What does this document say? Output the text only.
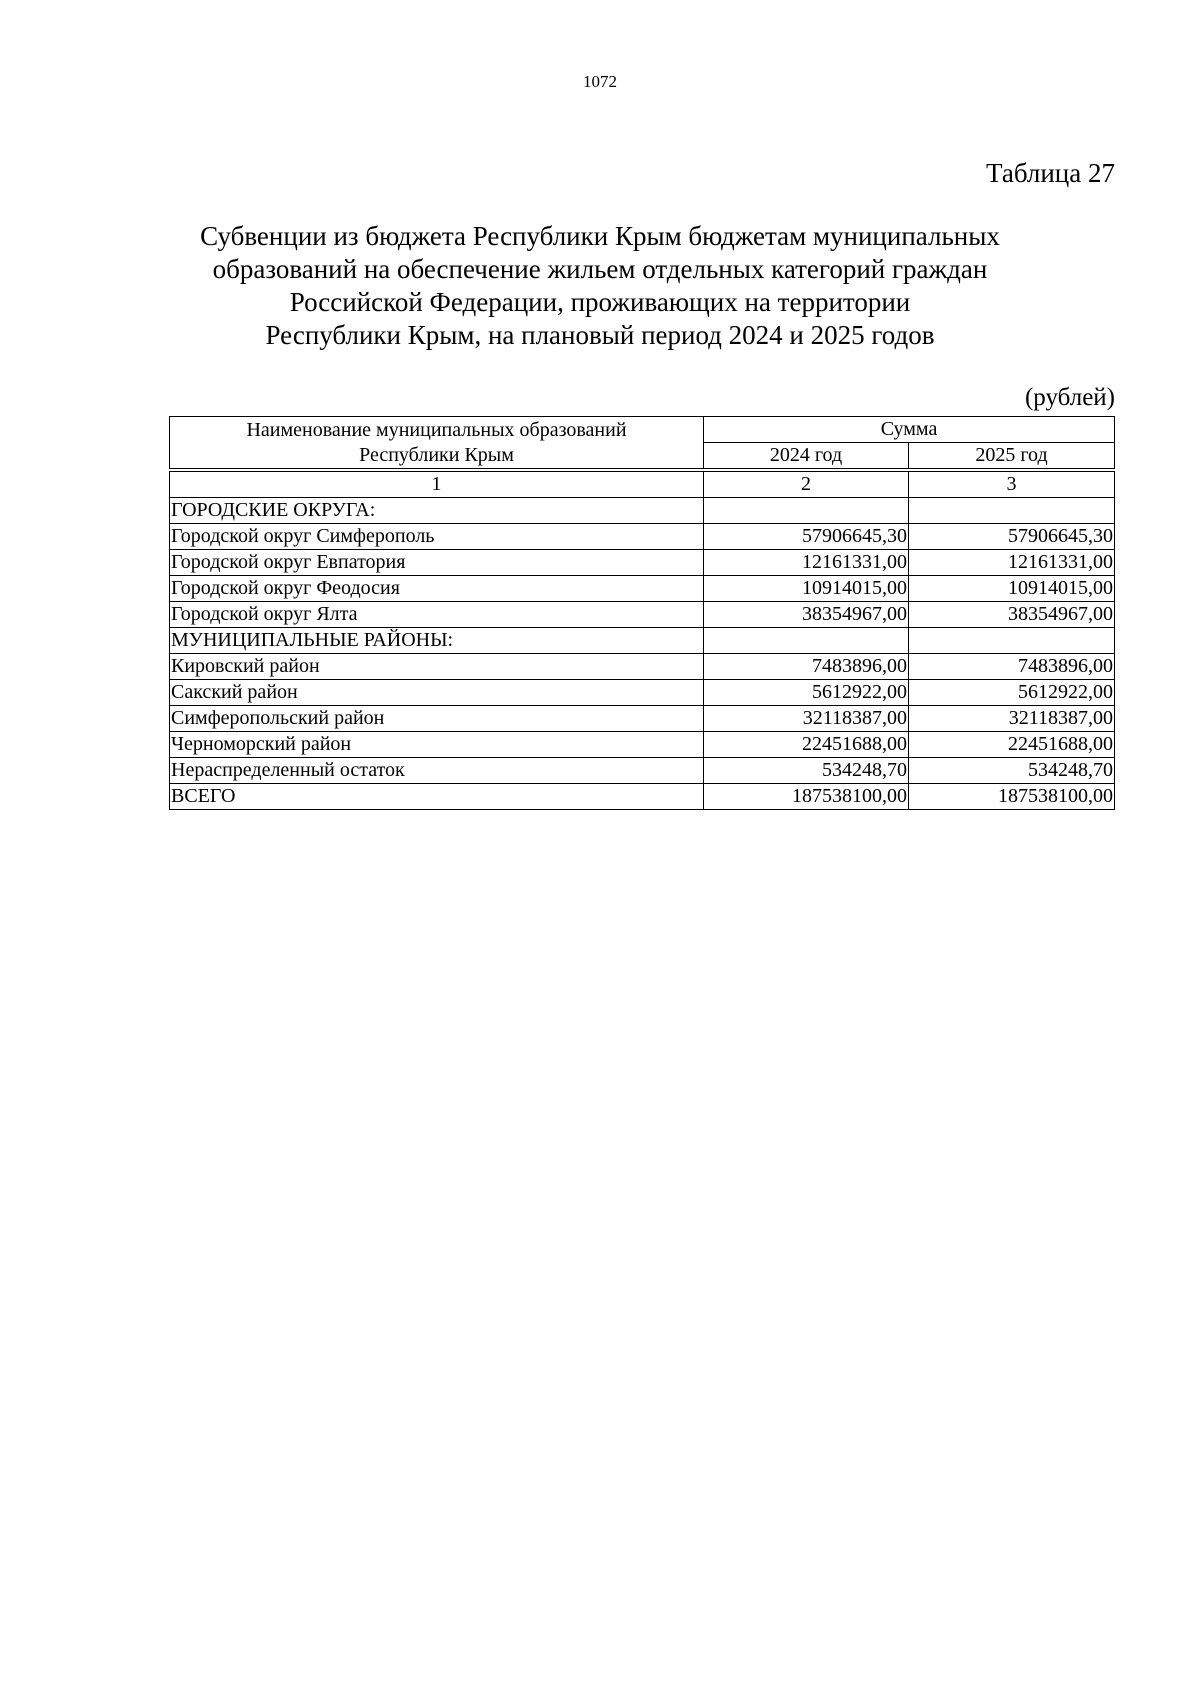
1072
Таблица 27
Субвенции из бюджета Республики Крым бюджетам муниципальных
образований на обеспечение жильем отдельных категорий граждан
Российской Федерации, проживающих на территории
Республики Крым, на плановый период 2024 и 2025 годов
(рублей)
Наименование муниципальных образований
Республики Крым	Сумма	
	2024 год	2025 год

1	2	3
ГОРОДСКИЕ ОКРУГА:		
Городской округ Симферополь	57906645,30	57906645,30
Городской округ Евпатория	12161331,00	12161331,00
Городской округ Феодосия	10914015,00	10914015,00
Городской округ Ялта	38354967,00	38354967,00
МУНИЦИПАЛЬНЫЕ РАЙОНЫ:		
Кировский район	7483896,00	7483896,00
Сакский район	5612922,00	5612922,00
Симферопольский район	32118387,00	32118387,00
Черноморский район	22451688,00	22451688,00
Нераспределенный остаток	534248,70	534248,70
ВСЕГО	187538100,00	187538100,00
